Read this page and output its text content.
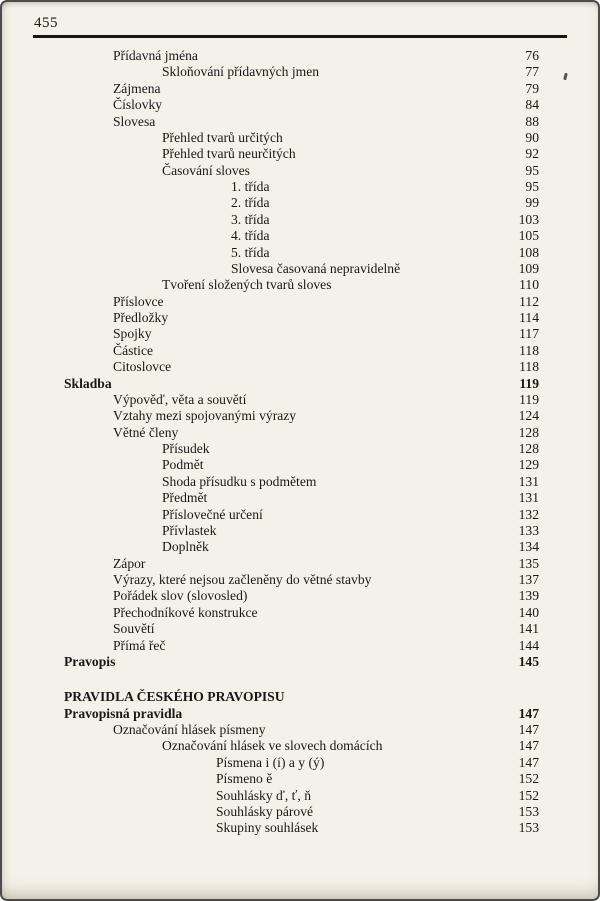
455
Přídavná jména	76
Skloňování přídavných jmen	77
Zájmena	79
Číslovky	84
Slovesa	88
Přehled tvarů určitých	90
Přehled tvarů neurčitých	92
Časování sloves	95
1. třída	95
2. třída	99
3. třída	103
4. třída	105
5. třída	108
Slovesa časovaná nepravidelně	109
Tvoření složených tvarů sloves	110
Příslovce	112
Předložky	114
Spojky	117
Částice	118
Citoslovce	118
Skladba	119
Výpověď, věta a souvětí	119
Vztahy mezi spojovanými výrazy	124
Větné členy	128
Přísudek	128
Podmět	129
Shoda přísudku s podmětem	131
Předmět	131
Příslovečné určení	132
Přívlastek	133
Doplněk	134
Zápor	135
Výrazy, které nejsou začleněny do větné stavby	137
Pořádek slov (slovosled)	139
Přechodníkové konstrukce	140
Souvětí	141
Přímá řeč	144
Pravopis	145
PRAVIDLA ČESKÉHO PRAVOPISU
Pravopisná pravidla	147
Označování hlásek písmeny	147
Označování hlásek ve slovech domácích	147
Písmena i (í) a y (ý)	147
Písmeno ě	152
Souhlásky ď, ť, ň	152
Souhlásky párové	153
Skupiny souhlásek	153
